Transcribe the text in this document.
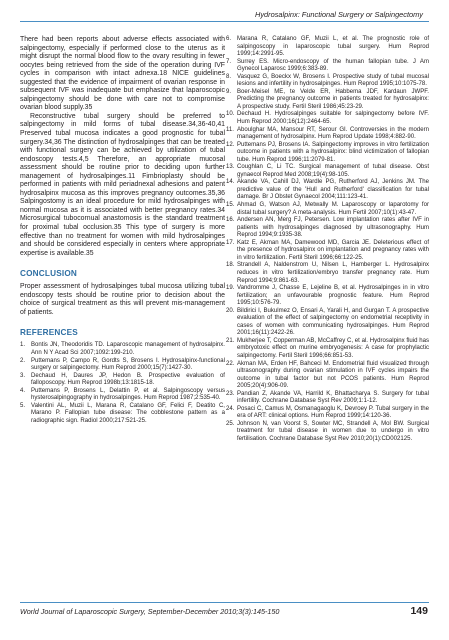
Hydrosalpinx: Functional Surgery or Salpingectomy

There had been reports about adverse effects associated with salpingectomy, especially if performed close to the uterus as it might disrupt the normal blood flow to the ovary resulting in fewer oocytes being retrieved from the side of the operation during IVF cycles in comparison with intact adnexa.18 NICE guidelines suggested that the evidence of impairment of ovarian response in subsequent IVF was inadequate but emphasize that laparoscopic salpingectomy should be done with care not to compromise ovarian blood supply.35

Reconstructive tubal surgery should be preferred to salpingectomy in mild forms of tubal disease.34,36-40,41 Preserved tubal mucosa indicates a good prognostic for tubal surgery.34,36 The distinction of hydrosalpinges that can be treated with functional surgery can be achieved by utilization of tubal endoscopy tests.4,5 Therefore, an appropriate mucosal assessment should be routine prior to deciding upon further management of hydrosalpinges.11 Fimbrioplasty should be performed in patients with mild periadnexal adhesions and patent hydrosalpinx mucosa as this improves pregnancy outcomes.35,36 Salpingostomy is an ideal procedure for mild hydrosalpinges with normal mucosa as it is associated with better pregnancy rates.34 Microsurgical tubocornual anastomosis is the standard treatment for proximal tubal occlusion.35 This type of surgery is more effective than no treatment for women with mild hydrosalpinges and should be considered especially in centers where appropriate expertise is available.35

CONCLUSION

Proper assessment of hydrosalpinges tubal mucosa utilizing tubal endoscopy tests should be routine prior to decision about the choice of surgical treatment as this will prevent mis-management of patients.

REFERENCES
1. Bontis JN, Theodoridis TD. Laparoscopic management of hydrosalpinx. Ann N Y Acad Sci 2007;1092:199-210.
2. Puttemans P, Campo R, Gordts S, Brosens I. Hydrosalpinx-functional surgery or salpingectomy. Hum Reprod 2000;15(7):1427-30.
3. Dechaud H, Daures JP, Hedon B. Prospective evaluation of falloposcopy. Hum Reprod 1998b;13:1815-18.
4. Puttemans P, Brosens L, Delattin P, et al. Salpingoscopy versus hysterosalpingography in hydrosalpinges. Hum Reprod 1987;2:535-40.
5. Valentini AL, Muzii L, Marana R, Catalano GF, Felici F, Deatito C, Marano P. Fallopian tube disease: The cobblestone pattern as a radiographic sign. Radiol 2000;217:521-25.
6. Marana R, Catalano GF, Muzii L, et al. The prognostic role of salpingoscopy in laparoscopic tubal surgery. Hum Reprod 1999;14:2991-95.
7. Surrey ES. Micro-endoscopy of the human fallopian tube. J Am Gynecol Laparosc 1999;6:383-89.
8. Vasquez G, Boeckx W, Brosens I. Prospective study of tubal mucosal lesions and infertility in hydrosalpinges. Hum Reprod 1995;10:1075-78.
9. Boer-Meisel ME, te Velde ER, Habbema JDF, Kardaun JWPF. Predicting the pregnancy outcome in patients treated for hydrosalpinx: A prospective study. Fertil Steril 1986;45:23-29.
10. Dechaud H. Hydrosalpinges suitable for salpingectomy before IVF. Hum Reprod 2000;16(12):2464-65.
11. Aboulghar MA, Mansour RT, Serour GI. Controversies in the modern management of hydrosalpinx. Hum Reprod Update 1998;4:882-90.
12. Puttemans PJ, Brosens IA. Salpingectomy improves in vitro fertilization outcome in patients with a hydrosalpinx: blind victimization of fallopian tube. Hum Reprod 1996;11:2079-81.
13. Coughlan C, Li TC. Surgical management of tubal disease. Obst gynaecol Reprod Med 2008;19(4):98-105.
14. Akande VA, Cahill DJ, Wardle PG, Rutherford AJ, Jenkins JM. The predictive value of the 'Hull and Rutherford' classification for tubal damage. Br J Obstet Gynaecol 2004;111:123-41.
15. Ahmad G, Watson AJ, Metwally M. Laparoscopy or laparotomy for distal tubal surgery? A meta-analysis. Hum Fertil 2007;10(1):43-47.
16. Andersen AN, Merg FJ, Petersen. Low implantation rates after IVF in patients with hydrosalpinges diagnosed by ultrasonography. Hum Reprod 1994;9:1935-38.
17. Katz E, Akman MA, Damewood MD, Garcia JE. Deleterious effect of the presence of hydrosalpinx on implantation and pregnancy rates with in vitro fertilization. Fertil Steril 1996;66:122-25.
18. Strandell A, Naldenstrom U, Nilsen L, Hamberger L. Hydrosalpinx reduces in vitro fertilization/embryo transfer pregnancy rate. Hum Reprod 1994;9:861-63.
19. Vandromme J, Chasse E, Lejeline B, et al. Hydrosalpinges in in vitro fertilization; an unfavourable prognostic feature. Hum Reprod 1995;10:576-79.
20. Bildirici I, Bukulmez O, Ensari A, Yarali H, and Gurgan T. A prospective evaluation of the effect of salpingectomy on endometrial receptivity in cases of women with communicating hydrosalpinges. Hum Reprod 2001;16(11):2422-26.
21. Mukherjee T, Copperman AB, McCaffrey C, et al. Hydrosalpinx fluid has embryotoxic effect on murine embryogenesis: A case for prophylactic salpingectomy. Fertil Steril 1996;66:851-53.
22. Akman MA, Erden HF, Bahceci M. Endometrial fluid visualized through ultrasonography during ovarian stimulation in IVF cycles impairs the outcome in tubal factor but not PCOS patients. Hum Reprod 2005;20(4):906-09.
23. Pandian Z, Akande VA, Harrild K, Bhattacharya S. Surgery for tubal infertility. Cochrane Database Syst Rev 2009;1:1-12.
24. Posaci C, Camus M, Osmanagaoglu K, Devroey P. Tubal surgery in the era of ART: clinical options. Hum Reprod 1999;14:120-36.
25. Johnson N, van Voorst S, Sowter MC, Strandell A, Mol BW. Surgical treatment for tubal disease in women due to undergo in vitro fertilisation. Cochrane Database Syst Rev 2010;20(1):CD002125.
World Journal of Laparoscopic Surgery, September-December 2010;3(3):145-150	149
